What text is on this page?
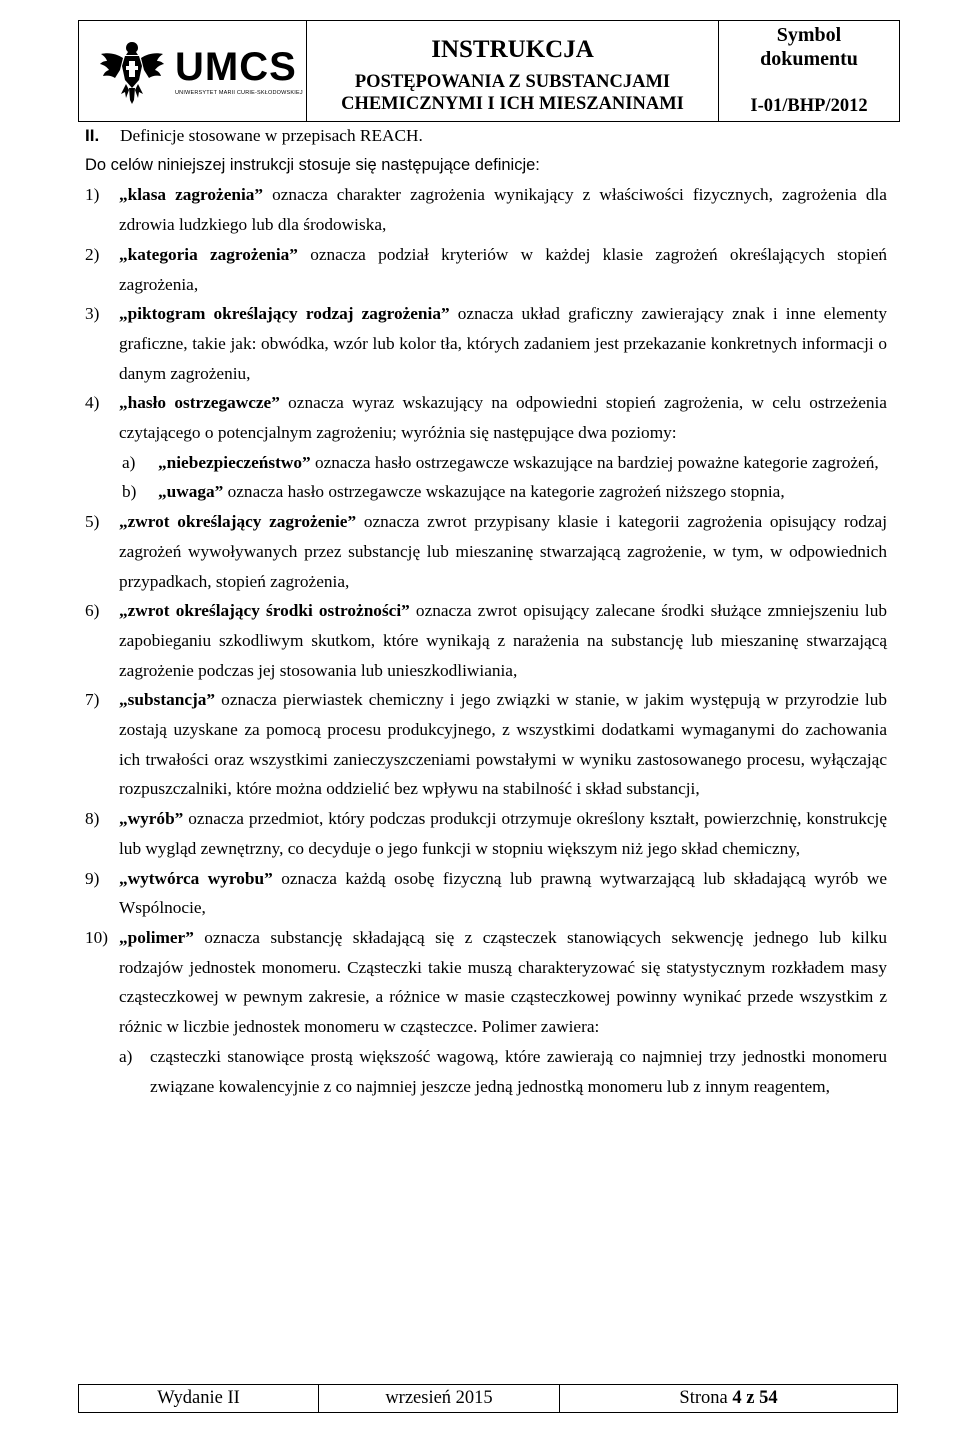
UMCS
UNIWERSYTET MARII CURIE-SKŁODOWSKIEJ

INSTRUKCJA
POSTĘPOWANIA Z SUBSTANCJAMI
CHEMICZNYMI I ICH MIESZANINAMI

Symbol
dokumentu

I-01/BHP/2012

II. Definicje stosowane w przepisach REACH.

Do celów niniejszej instrukcji stosuje się następujące definicje:

1) „klasa zagrożenia” oznacza charakter zagrożenia wynikający z właściwości fizycznych, zagrożenia dla zdrowia ludzkiego lub dla środowiska,

2) „kategoria zagrożenia” oznacza podział kryteriów w każdej klasie zagrożeń określających stopień zagrożenia,

3) „piktogram określający rodzaj zagrożenia” oznacza układ graficzny zawierający znak i inne elementy graficzne, takie jak: obwódka, wzór lub kolor tła, których zadaniem jest przekazanie konkretnych informacji o danym zagrożeniu,

4) „hasło ostrzegawcze” oznacza wyraz wskazujący na odpowiedni stopień zagrożenia, w celu ostrzeżenia czytającego o potencjalnym zagrożeniu; wyróżnia się następujące dwa poziomy:

a) „niebezpieczeństwo” oznacza hasło ostrzegawcze wskazujące na bardziej poważne kategorie zagrożeń,

b) „uwaga” oznacza hasło ostrzegawcze wskazujące na kategorie zagrożeń niższego stopnia,

5) „zwrot określający zagrożenie” oznacza zwrot przypisany klasie i kategorii zagrożenia opisujący rodzaj zagrożeń wywoływanych przez substancję lub mieszaninę stwarzającą zagrożenie, w tym, w odpowiednich przypadkach, stopień zagrożenia,

6) „zwrot określający środki ostrożności” oznacza zwrot opisujący zalecane środki służące zmniejszeniu lub zapobieganiu szkodliwym skutkom, które wynikają z narażenia na substancję lub mieszaninę stwarzającą zagrożenie podczas jej stosowania lub unieszkodliwiania,

7) „substancja” oznacza pierwiastek chemiczny i jego związki w stanie, w jakim występują w przyrodzie lub zostają uzyskane za pomocą procesu produkcyjnego, z wszystkimi dodatkami wymaganymi do zachowania ich trwałości oraz wszystkimi zanieczyszczeniami powstałymi w wyniku zastosowanego procesu, wyłączając rozpuszczalniki, które można oddzielić bez wpływu na stabilność i skład substancji,

8) „wyrób” oznacza przedmiot, który podczas produkcji otrzymuje określony kształt, powierzchnię, konstrukcję lub wygląd zewnętrzny, co decyduje o jego funkcji w stopniu większym niż jego skład chemiczny,

9) „wytwórca wyrobu” oznacza każdą osobę fizyczną lub prawną wytwarzającą lub składającą wyrób we Wspólnocie,

10) „polimer” oznacza substancję składającą się z cząsteczek stanowiących sekwencję jednego lub kilku rodzajów jednostek monomeru. Cząsteczki takie muszą charakteryzować się statystycznym rozkładem masy cząsteczkowej w pewnym zakresie, a różnice w masie cząsteczkowej powinny wynikać przede wszystkim z różnic w liczbie jednostek monomeru w cząsteczce. Polimer zawiera:

a) cząsteczki stanowiące prostą większość wagową, które zawierają co najmniej trzy jednostki monomeru związane kowalencyjnie z co najmniej jeszcze jedną jednostką monomeru lub z innym reagentem,

Wydanie II	wrzesień 2015	Strona 4 z 54
